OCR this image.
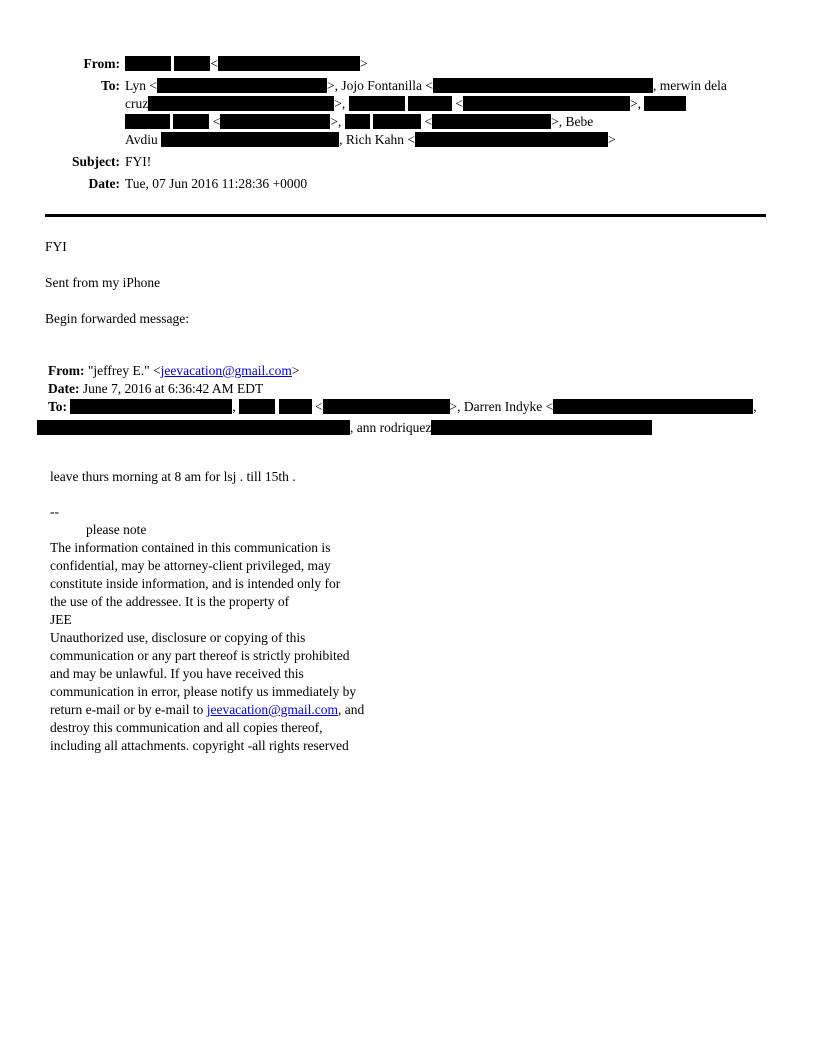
From:	<	>
To: Lyn <	>, Jojo Fontanilla <	, merwin dela
cruz	>,	<	>,
<	>,	<	>, Bebe
Avdiu	, Rich Kahn <	>
Subject: FYI!
Date: Tue, 07 Jun 2016 11:28:36 +0000
FYI
Sent from my iPhone
Begin forwarded message:
From: "jeffrey E." <jeevacation@gmail.com>
Date: June 7, 2016 at 6:36:42 AM EDT
To:	,	<	>, Darren Indyke <	,
, ann rodriquez
leave thurs morning at 8 am for lsj . till 15th .
--
please note
The information contained in this communication is
confidential, may be attorney-client privileged, may
constitute inside information, and is intended only for
the use of the addressee. It is the property of
JEE
Unauthorized use, disclosure or copying of this
communication or any part thereof is strictly prohibited
and may be unlawful. If you have received this
communication in error, please notify us immediately by
return e-mail or by e-mail to jeevacation@gmail.com, and
destroy this communication and all copies thereof,
including all attachments. copyright -all rights reserved
